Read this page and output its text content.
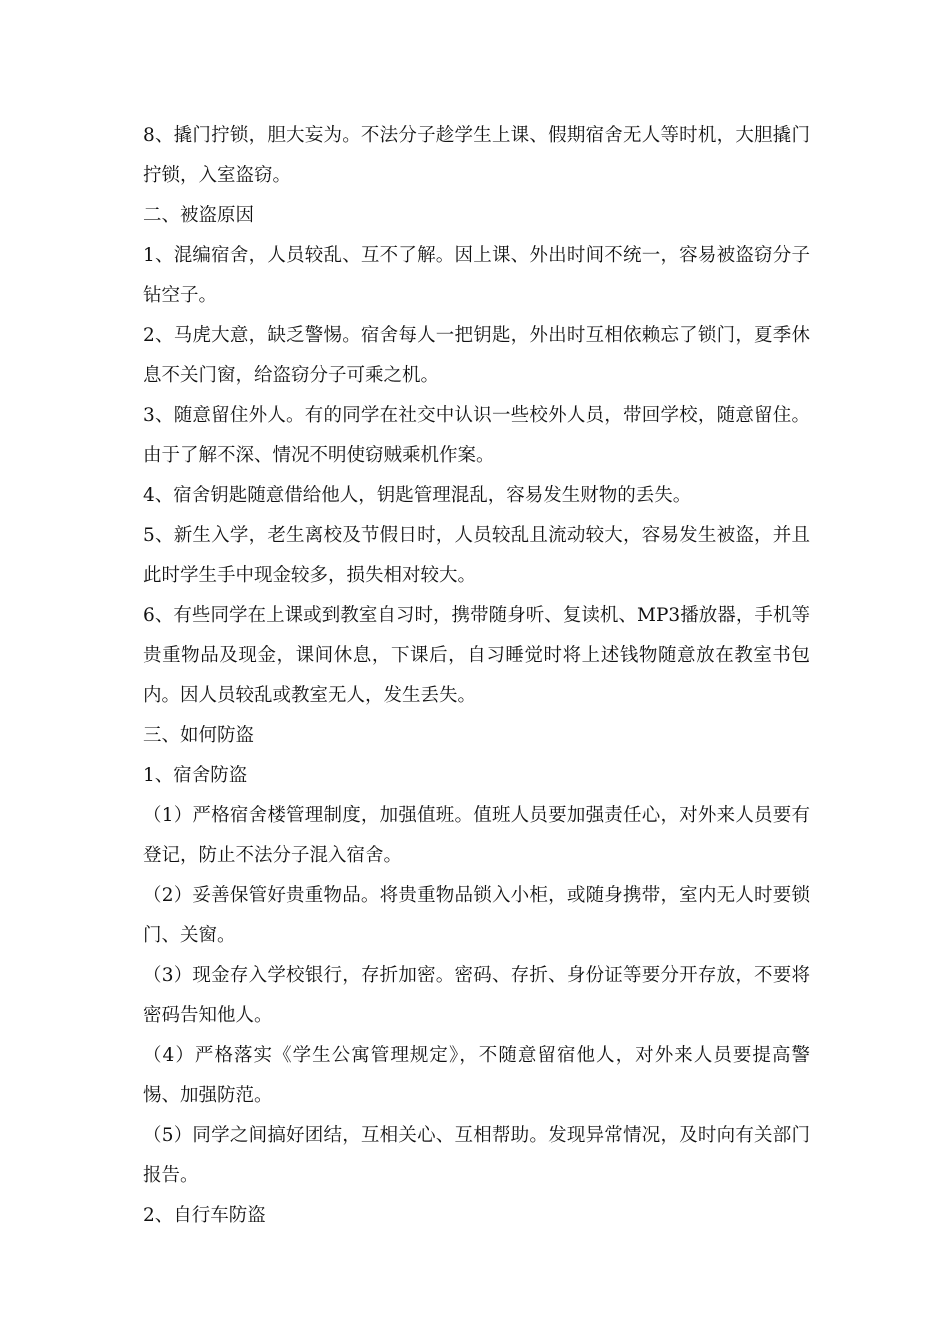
8、撬门拧锁，胆大妄为。不法分子趁学生上课、假期宿舍无人等时机，大胆撬门拧锁，入室盗窃。

二、被盗原因

1、混编宿舍，人员较乱、互不了解。因上课、外出时间不统一，容易被盗窃分子钻空子。

2、马虎大意，缺乏警惕。宿舍每人一把钥匙，外出时互相依赖忘了锁门，夏季休息不关门窗，给盗窃分子可乘之机。

3、随意留住外人。有的同学在社交中认识一些校外人员，带回学校，随意留住。由于了解不深、情况不明使窃贼乘机作案。

4、宿舍钥匙随意借给他人，钥匙管理混乱，容易发生财物的丢失。

5、新生入学，老生离校及节假日时，人员较乱且流动较大，容易发生被盗，并且此时学生手中现金较多，损失相对较大。

6、有些同学在上课或到教室自习时，携带随身听、复读机、MP3播放器，手机等贵重物品及现金，课间休息，下课后，自习睡觉时将上述钱物随意放在教室书包内。因人员较乱或教室无人，发生丢失。

三、如何防盗

1、宿舍防盗

（1）严格宿舍楼管理制度，加强值班。值班人员要加强责任心，对外来人员要有登记，防止不法分子混入宿舍。

（2）妥善保管好贵重物品。将贵重物品锁入小柜，或随身携带，室内无人时要锁门、关窗。

（3）现金存入学校银行，存折加密。密码、存折、身份证等要分开存放，不要将密码告知他人。

（4）严格落实《学生公寓管理规定》，不随意留宿他人，对外来人员要提高警惕、加强防范。

（5）同学之间搞好团结，互相关心、互相帮助。发现异常情况，及时向有关部门报告。

2、自行车防盗
